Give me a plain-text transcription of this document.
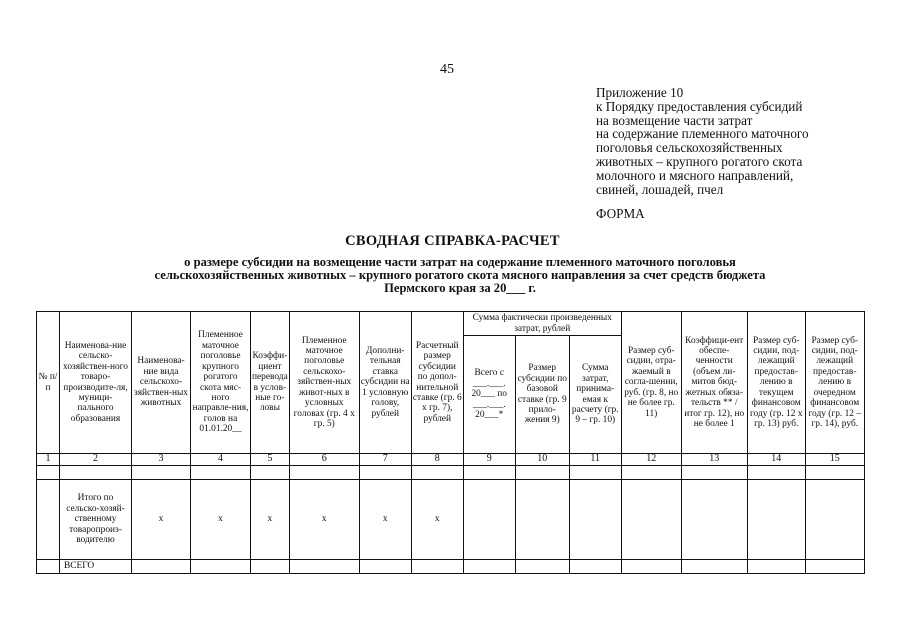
45
Приложение 10
к Порядку предоставления субсидий
на возмещение части затрат
на содержание племенного маточного
поголовья сельскохозяйственных
животных – крупного рогатого скота
молочного и мясного направлений,
свиней, лошадей, пчел
ФОРМА
СВОДНАЯ СПРАВКА-РАСЧЕТ
о размере субсидии на возмещение части затрат на содержание племенного маточного поголовья
сельскохозяйственных животных – крупного рогатого скота мясного направления за счет средств бюджета
Пермского края за 20___ г.
№ п/п	Наименова-ние сельско-хозяйствен-ного товаро-производите-ля, муници-пального образования	Наименова-ние вида сельскохо-зяйствен-ных животных	Племенное маточное поголовье крупного рогатого скота мяс-ного направле-ния, голов на 01.01.20__	Коэффи-циент перевода в услов-ные го-ловы	Племенное маточное поголовье сельскохо-зяйствен-ных живот-ных в условных головах (гр. 4 х гр. 5)	Дополни-тельная ставка субсидии на 1 условную голову, рублей	Расчетный размер субсидии по допол-нительной ставке (гр. 6 х гр. 7), рублей	Сумма фактически произведенных затрат, рублей			Размер суб-сидии, отра-жаемый в согла-шении, руб. (гр. 8, но не более гр. 11)	Коэффици-ент обеспе-ченности (объем ли-митов бюд-жетных обяза-тельств ** / итог гр. 12), но не более 1	Размер суб-сидии, под-лежащий предостав-лению в текущем финансовом году (гр. 12 х гр. 13) руб.	Размер суб-сидии, под-лежащий предостав-лению в очередном финансовом году (гр. 12 – гр. 14), руб.
								Всего с ___.___. 20___ по ___.___. 20___*	Размер субсидии по базовой ставке (гр. 9 прило-жения 9)	Сумма затрат, принима-емая к расчету (гр. 9 – гр. 10)				
1	2	3	4	5	6	7	8	9	10	11	12	13	14	15

	Итого по сельско-хозяй-ственному товаропроиз-водителю	x	x	x	x	x	x							
	ВСЕГО													
